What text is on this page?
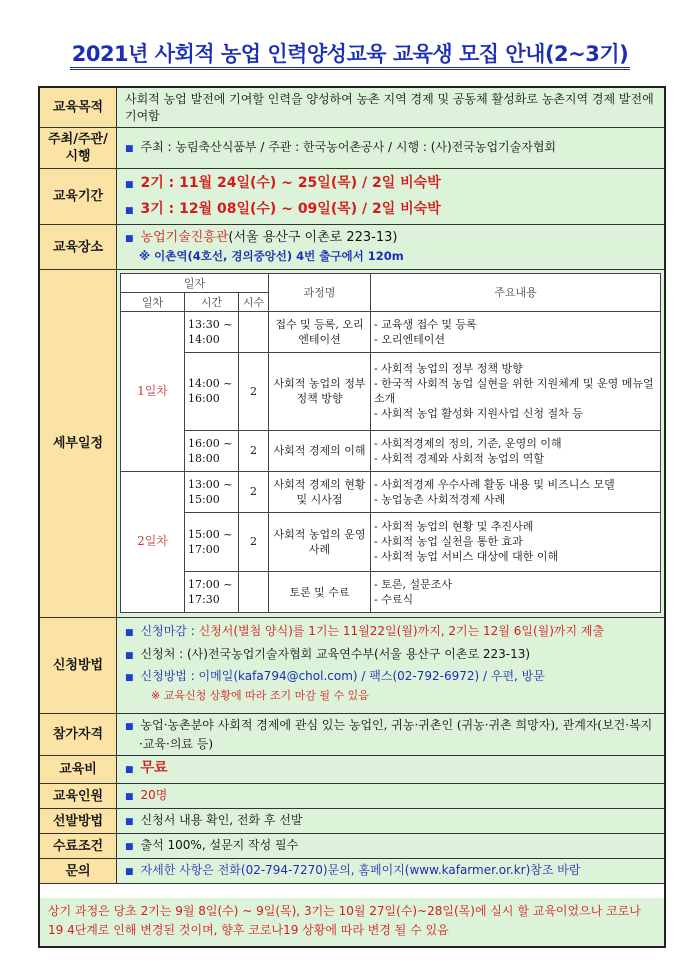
2021년 사회적 농업 인력양성교육 교육생 모집 안내(2~3기)
교육목적
사회적 농업 발전에 기여할 인력을 양성하여 농촌 지역 경제 및 공동체 활성화로 농촌지역 경제 발전에 기여함
주최/주관/시행
■ 주최 : 농림축산식품부 / 주관 : 한국농어촌공사 / 시행 : (사)전국농업기술자협회
교육기간
■ 2기 : 11월 24일(수) ~ 25일(목) / 2일 비숙박
■ 3기 : 12월 08일(수) ~ 09일(목) / 2일 비숙박
교육장소
■ 농업기술진흥관(서울 용산구 이촌로 223-13)
※ 이촌역(4호선, 경의중앙선) 4번 출구에서 120m
세부일정
일자			과정명	주요내용
일차	시간	시수		
1일차	13:30 ~ 14:00		접수 및 등록, 오리엔테이션	- 교육생 접수 및 등록
- 오리엔테이션

	14:00 ~ 16:00	2	사회적 농업의 정부 정책 방향	- 사회적 농업의 정부 정책 방향
- 한국적 사회적 농업 실현을 위한 지원체계 및 운영 메뉴얼 소개
- 사회적 농업 활성화 지원사업 신청 절차 등

	16:00 ~ 18:00	2	사회적 경제의 이해	- 사회적경제의 정의, 기준, 운영의 이해
- 사회적 경제와 사회적 농업의 역할

2일차	13:00 ~ 15:00	2	사회적 경제의 현황 및 시사점	- 사회적경제 우수사례 활동 내용 및 비즈니스 모델
- 농업농촌 사회적경제 사례

	15:00 ~ 17:00	2	사회적 농업의 운영 사례	- 사회적 농업의 현황 및 추진사례
- 사회적 농업 실천을 통한 효과
- 사회적 농업 서비스 대상에 대한 이해

	17:00 ~ 17:30		토론 및 수료	- 토론, 설문조사
- 수료식
신청방법
■ 신청마감 : 신청서(별첨 양식)를 1기는 11월22일(월)까지, 2기는 12월 6일(월)까지 제출
■ 신청처 : (사)전국농업기술자협회 교육연수부(서울 용산구 이촌로 223-13)
■ 신청방법 : 이메일(kafa794@chol.com) / 팩스(02-792-6972) / 우편, 방문
※ 교육신청 상황에 따라 조기 마감 될 수 있음
참가자격	■ 농업·농촌분야 사회적 경제에 관심 있는 농업인, 귀농·귀촌인 (귀농·귀촌 희망자), 관계자(보건·복지·교육·의료 등)
교육비	■ 무료
교육인원	■ 20명
선발방법	■ 신청서 내용 확인, 전화 후 선발
수료조건	■ 출석 100%, 설문지 작성 필수
문의	■ 자세한 사항은 전화(02-794-7270)문의, 홈페이지(www.kafarmer.or.kr)참조 바람
상기 과정은 당초 2기는 9월 8일(수) ~ 9일(목), 3기는 10월 27일(수)~28일(목)에 실시 할 교육이었으나 코로나19 4단계로 인해 변경된 것이며, 향후 코로나19 상황에 따라 변경 될 수 있음
